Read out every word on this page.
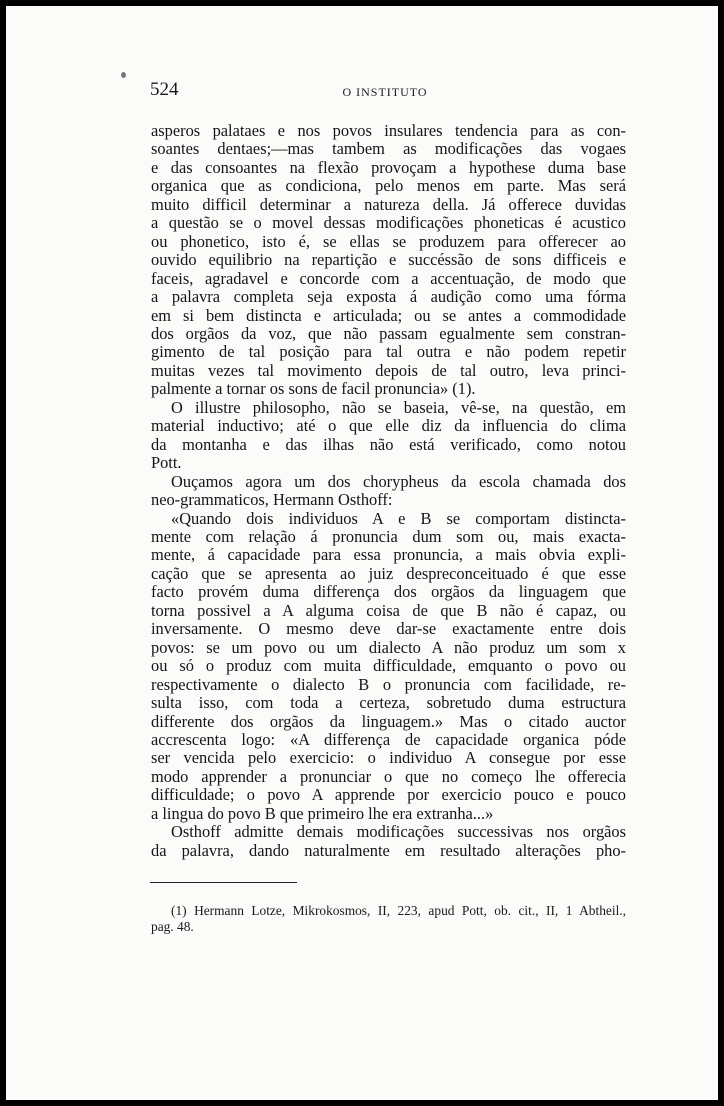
524	O INSTITUTO
asperos palataes e nos povos insulares tendencia para as con-
soantes dentaes;—mas tambem as modificações das vogaes
e das consoantes na flexão provoçam a hypothese duma base
organica que as condiciona, pelo menos em parte. Mas será
muito difficil determinar a natureza della. Já offerece duvidas
a questão se o movel dessas modificações phoneticas é acustico
ou phonetico, isto é, se ellas se produzem para offerecer ao
ouvido equilibrio na repartição e succéssão de sons difficeis e
faceis, agradavel e concorde com a accentuação, de modo que
a palavra completa seja exposta á audição como uma fórma
em si bem distincta e articulada; ou se antes a commodidade
dos orgãos da voz, que não passam egualmente sem constran-
gimento de tal posição para tal outra e não podem repetir
muitas vezes tal movimento depois de tal outro, leva princi-
palmente a tornar os sons de facil pronuncia» (1).
O illustre philosopho, não se baseia, vê-se, na questão, em
material inductivo; até o que elle diz da influencia do clima
da montanha e das ilhas não está verificado, como notou
Pott.
Ouçamos agora um dos chorypheus da escola chamada dos
neo-grammaticos, Hermann Osthoff:
«Quando dois individuos A e B se comportam distincta-
mente com relação á pronuncia dum som ou, mais exacta-
mente, á capacidade para essa pronuncia, a mais obvia expli-
cação que se apresenta ao juiz despreconceituado é que esse
facto provém duma differença dos orgãos da linguagem que
torna possivel a A alguma coisa de que B não é capaz, ou
inversamente. O mesmo deve dar-se exactamente entre dois
povos: se um povo ou um dialecto A não produz um som x
ou só o produz com muita difficuldade, emquanto o povo ou
respectivamente o dialecto B o pronuncia com facilidade, re-
sulta isso, com toda a certeza, sobretudo duma estructura
differente dos orgãos da linguagem.» Mas o citado auctor
accrescenta logo: «A differença de capacidade organica póde
ser vencida pelo exercicio: o individuo A consegue por esse
modo apprender a pronunciar o que no começo lhe offerecia
difficuldade; o povo A apprende por exercicio pouco e pouco
a lingua do povo B que primeiro lhe era extranha...»
Osthoff admitte demais modificações successivas nos orgãos
da palavra, dando naturalmente em resultado alterações pho-
(1) Hermann Lotze, Mikrokosmos, II, 223, apud Pott, ob. cit., II, 1 Abtheil.,
pag. 48.
